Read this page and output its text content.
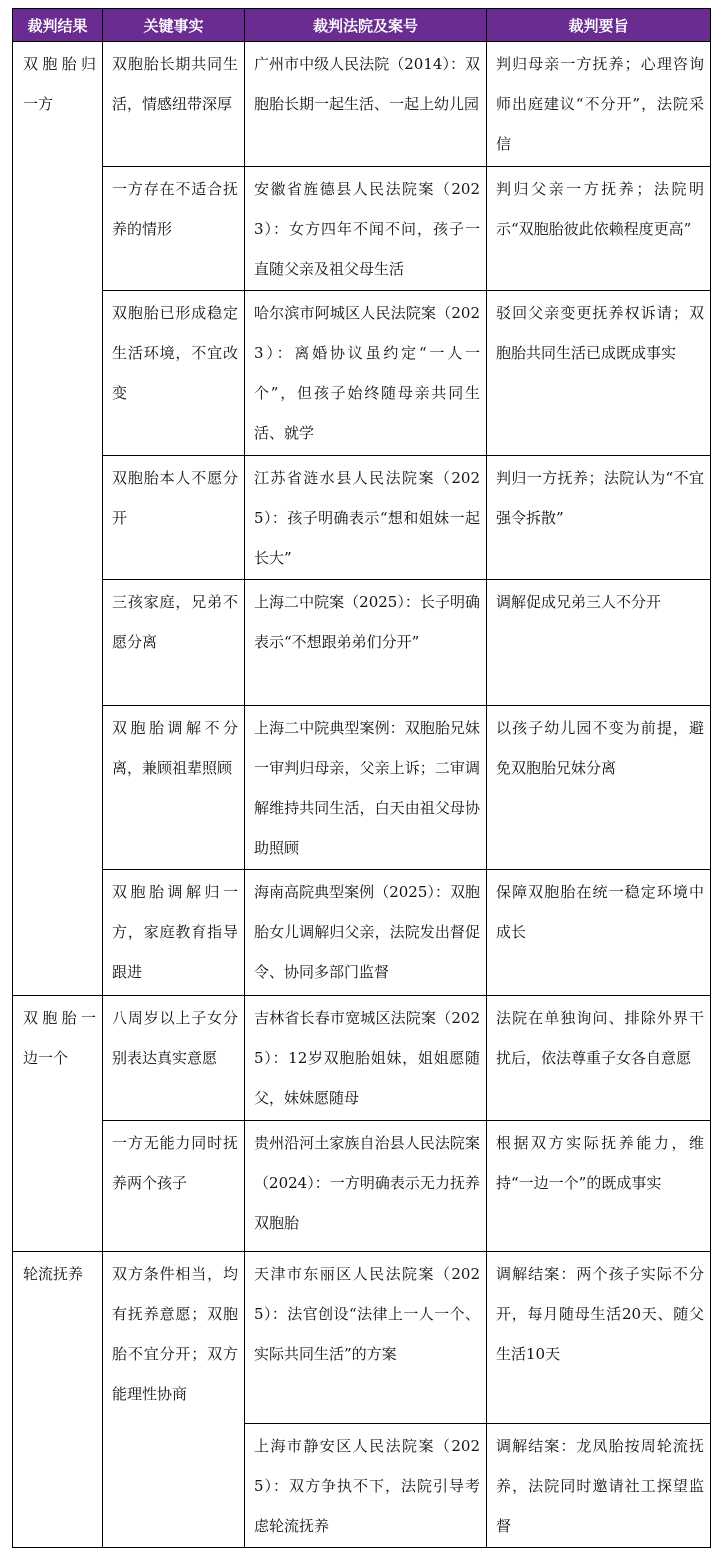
裁判结果	关键事实	裁判法院及案号	裁判要旨
双胞胎归一方	双胞胎长期共同生活，情感纽带深厚	广州市中级人民法院（2014）：双胞胎长期一起生活、一起上幼儿园	判归母亲一方抚养；心理咨询师出庭建议“不分开”，法院采信
	一方存在不适合抚养的情形	安徽省旌德县人民法院案（2023）：女方四年不闻不问，孩子一直随父亲及祖父母生活	判归父亲一方抚养；法院明示“双胞胎彼此依赖程度更高”
	双胞胎已形成稳定生活环境，不宜改变	哈尔滨市阿城区人民法院案（2023）：离婚协议虽约定“一人一个”，但孩子始终随母亲共同生活、就学	驳回父亲变更抚养权诉请；双胞胎共同生活已成既成事实
	双胞胎本人不愿分开	江苏省涟水县人民法院案（2025）：孩子明确表示“想和姐妹一起长大”	判归一方抚养；法院认为“不宜强令拆散”
	三孩家庭，兄弟不愿分离	上海二中院案（2025）：长子明确表示“不想跟弟弟们分开”	调解促成兄弟三人不分开
	双胞胎调解不分离，兼顾祖辈照顾	上海二中院典型案例：双胞胎兄妹一审判归母亲，父亲上诉；二审调解维持共同生活，白天由祖父母协助照顾	以孩子幼儿园不变为前提，避免双胞胎兄妹分离
	双胞胎调解归一方，家庭教育指导跟进	海南高院典型案例（2025）：双胞胎女儿调解归父亲，法院发出督促令、协同多部门监督	保障双胞胎在统一稳定环境中成长
双胞胎一边一个	八周岁以上子女分别表达真实意愿	吉林省长春市宽城区法院案（2025）：12岁双胞胎姐妹，姐姐愿随父，妹妹愿随母	法院在单独询问、排除外界干扰后，依法尊重子女各自意愿
	一方无能力同时抚养两个孩子	贵州沿河土家族自治县人民法院案（2024）：一方明确表示无力抚养双胞胎	根据双方实际抚养能力，维持“一边一个”的既成事实
轮流抚养	双方条件相当，均有抚养意愿；双胞胎不宜分开；双方能理性协商	天津市东丽区人民法院案（2025）：法官创设“法律上一人一个、实际共同生活”的方案	调解结案：两个孩子实际不分开，每月随母生活20天、随父生活10天
		上海市静安区人民法院案（2025）：双方争执不下，法院引导考虑轮流抚养	调解结案：龙凤胎按周轮流抚养，法院同时邀请社工探望监督
